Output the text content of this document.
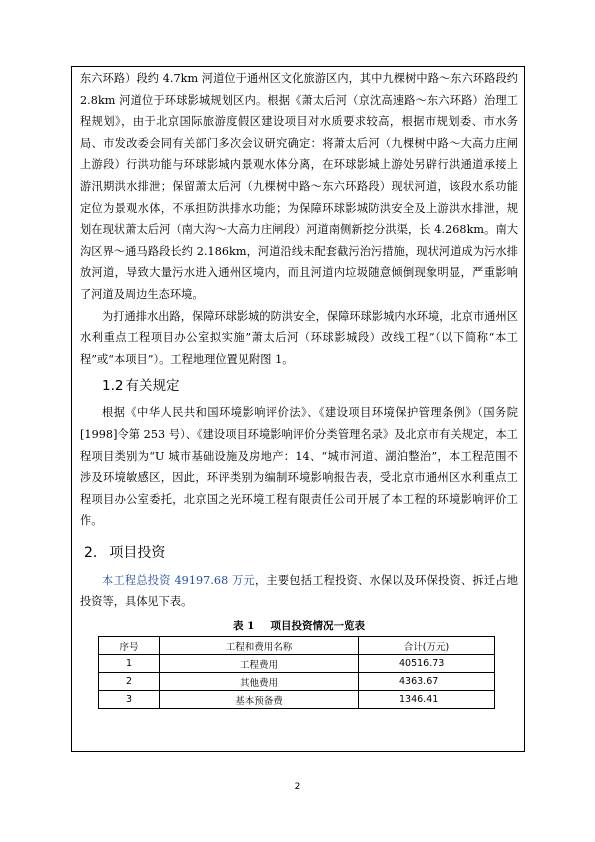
东六环路）段约 4.7km 河道位于通州区文化旅游区内，其中九棵树中路～东六环路段约 2.8km 河道位于环球影城规划区内。根据《萧太后河（京沈高速路～东六环路）治理工程规划》，由于北京国际旅游度假区建设项目对水质要求较高，根据市规划委、市水务局、市发改委会同有关部门多次会议研究确定：将萧太后河（九棵树中路～大高力庄闸上游段）行洪功能与环球影城内景观水体分离，在环球影城上游处另辟行洪通道承接上游汛期洪水排泄；保留萧太后河（九棵树中路～东六环路段）现状河道，该段水系功能定位为景观水体，不承担防洪排水功能；为保障环球影城防洪安全及上游洪水排泄，规划在现状萧太后河（南大沟～大高力庄闸段）河道南侧新挖分洪渠，长 4.268km。南大沟区界～通马路段长约 2.186km，河道沿线未配套截污治污措施，现状河道成为污水排放河道，导致大量污水进入通州区境内，而且河道内垃圾随意倾倒现象明显，严重影响了河道及周边生态环境。

为打通排水出路，保障环球影城的防洪安全，保障环球影城内水环境，北京市通州区水利重点工程项目办公室拟实施”萧太后河（环球影城段）改线工程”（以下简称“本工程”或“本项目”）。工程地理位置见附图 1。

1.2 有关规定

根据《中华人民共和国环境影响评价法》、《建设项目环境保护管理条例》（国务院[1998]令第 253 号）、《建设项目环境影响评价分类管理名录》及北京市有关规定，本工程项目类别为“U 城市基础设施及房地产：14、“城市河道、湖泊整治”，本工程范围不涉及环境敏感区，因此，环评类别为编制环境影响报告表，受北京市通州区水利重点工程项目办公室委托，北京国之光环境工程有限责任公司开展了本工程的环境影响评价工作。

2. 项目投资

本工程总投资 49197.68 万元，主要包括工程投资、水保以及环保投资、拆迁占地投资等，具体见下表。

表 1 项目投资情况一览表
序号	工程和费用名称	合计(万元)
1	工程费用	40516.73
2	其他费用	4363.67
3	基本预备费	1346.41
2
